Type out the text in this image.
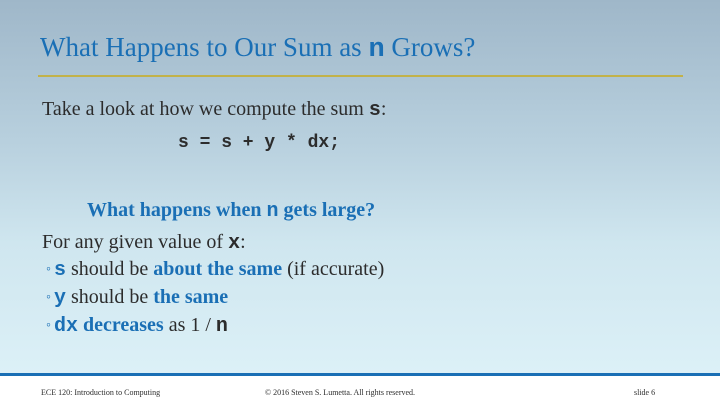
What Happens to Our Sum as n Grows?
Take a look at how we compute the sum s:
s = s + y * dx;
What happens when n gets large?
For any given value of x:
◦ s should be about the same (if accurate)
◦ y should be the same
◦ dx decreases as 1 / n
ECE 120: Introduction to Computing	© 2016 Steven S. Lumetta. All rights reserved.	slide 6
